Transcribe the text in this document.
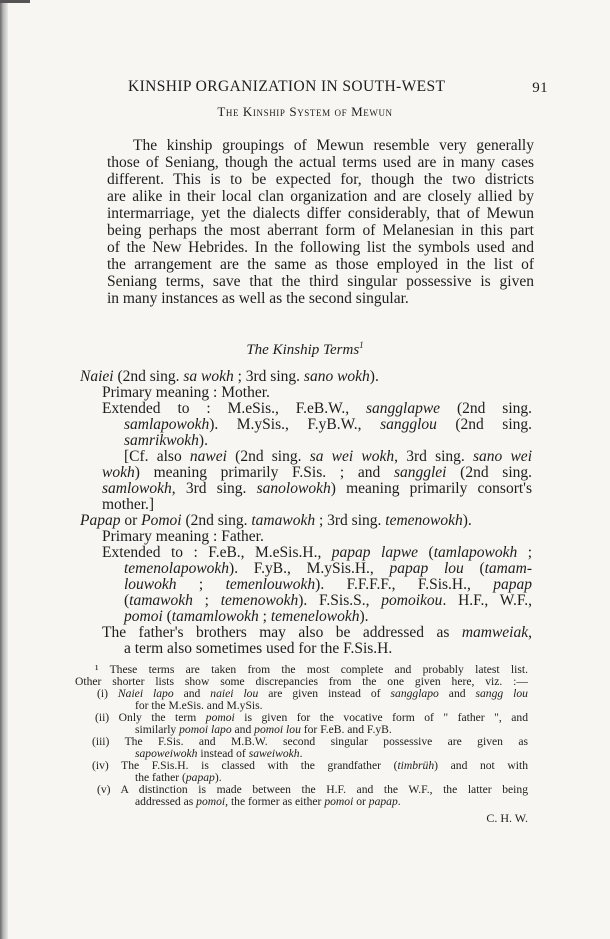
KINSHIP ORGANIZATION IN SOUTH-WEST	91
The Kinship System of Mewun
The Kinship Terms$^1$
The kinship groupings of Mewun resemble very generally
those of Seniang, though the actual terms used are in many cases
different. This is to be expected for, though the two districts
are alike in their local clan organization and are closely allied by
intermarriage, yet the dialects differ considerably, that of Mewun
being perhaps the most aberrant form of Melanesian in this part
of the New Hebrides. In the following list the symbols used and
the arrangement are the same as those employed in the list of
Seniang terms, save that the third singular possessive is given
in many instances as well as the second singular.
Naiei (2nd sing. sa wokh ; 3rd sing. sano wokh).
Primary meaning : Mother.
Extended to : M.eSis., F.eB.W., sangglapwe (2nd sing.
samlapowokh). M.ySis., F.yB.W., sangglou (2nd sing.
samrikwokh).
[Cf. also nawei (2nd sing. sa wei wokh, 3rd sing. sano wei
wokh) meaning primarily F.Sis. ; and sangglei (2nd sing.
samlowokh, 3rd sing. sanolowokh) meaning primarily consort's
mother.]
Papap or Pomoi (2nd sing. tamawokh ; 3rd sing. temenowokh).
Primary meaning : Father.
Extended to : F.eB., M.eSis.H., papap lapwe (tamlapowokh ;
temenolapowokh). F.yB., M.ySis.H., papap lou (tamam-
louwokh ; temenlouwokh). F.F.F.F., F.Sis.H., papap
(tamawokh ; temenowokh). F.Sis.S., pomoikou. H.F., W.F.,
pomoi (tamamlowokh ; temenelowokh).
The father's brothers may also be addressed as mamweiak,
a term also sometimes used for the F.Sis.H.
¹ These terms are taken from the most complete and probably latest list.
Other shorter lists show some discrepancies from the one given here, viz. :—
(i) Naiei lapo and naiei lou are given instead of sangglapo and sangg lou
for the M.eSis. and M.ySis.
(ii) Only the term pomoi is given for the vocative form of " father ", and
similarly pomoi lapo and pomoi lou for F.eB. and F.yB.
(iii) The F.Sis. and M.B.W. second singular possessive are given as
sapoweiwokh instead of saweiwokh.
(iv) The F.Sis.H. is classed with the grandfather (timbrüh) and not with
the father (papap).
(v) A distinction is made between the H.F. and the W.F., the latter being
addressed as pomoi, the former as either pomoi or papap.
C. H. W.
